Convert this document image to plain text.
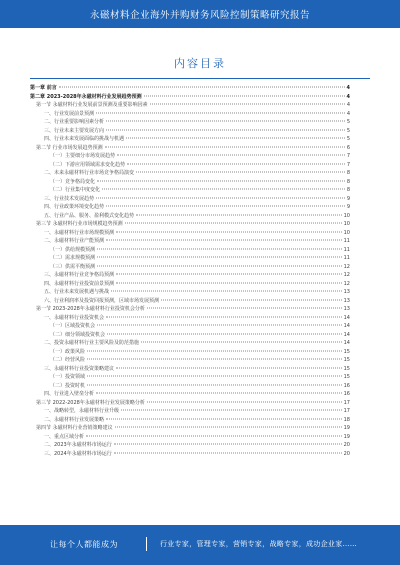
永磁材料企业海外并购财务风险控制策略研究报告
内容目录
第一章 前言	4
第二章 2023-2028年永磁材料行业发展趋势预测	4
第一节 永磁材料行业发展前景预测及重要影响因素	4
一、行业发展前景预测	4
二、行业重要影响因素分析	5
三、行业未来主要发展方向	5
四、行业未来发展面临的挑战与机遇	5
第二节 行业市场发展趋势预测	6
（一）主要细分市场发展趋势	7
（二）下游应用领域需求变化趋势	7
二、未来永磁材料行业市场竞争格局演变	8
（一）竞争格局变化	8
（二）行业集中度变化	8
三、行业技术发展趋势	9
四、行业政策环境变化趋势	9
五、行业产品、服务、盈利模式变化趋势	10
第三节 永磁材料行业市场规模趋势预测	10
一、永磁材料行业市场规模预测	10
二、永磁材料行业产能预测	11
（一）供给规模预测	11
（二）需求规模预测	11
（三）供需平衡预测	12
三、永磁材料行业竞争格局预测	12
四、永磁材料行业投资前景预测	12
五、行业未来发展机遇与挑战	13
六、行业利润率及投资回报预测，区域市场发展预测	13
第一节 2023-2028年永磁材料行业投资机会分析	13
一、永磁材料行业投资机会	14
（一）区域投资机会	14
（二）细分领域投资机会	14
二、投资永磁材料行业主要风险及防范措施	14
（一）政策风险	15
（二）经营风险	15
三、永磁材料行业投资策略建议	15
（一）投资领域	15
（二）投资时机	16
四、行业进入壁垒分析	16
第三节 2022-2028年永磁材料行业发展策略分析	17
一、战略转型，永磁材料行业升级	17
二、永磁材料行业发展策略	18
第四节 永磁材料行业营销策略建议	19
一、重点区域分析	19
二、2023年永磁材料市场运行	20
三、2024年永磁材料市场运行	20
让每个人都能成为	行业专家，管理专家，营销专家，战略专家，成功企业家……
